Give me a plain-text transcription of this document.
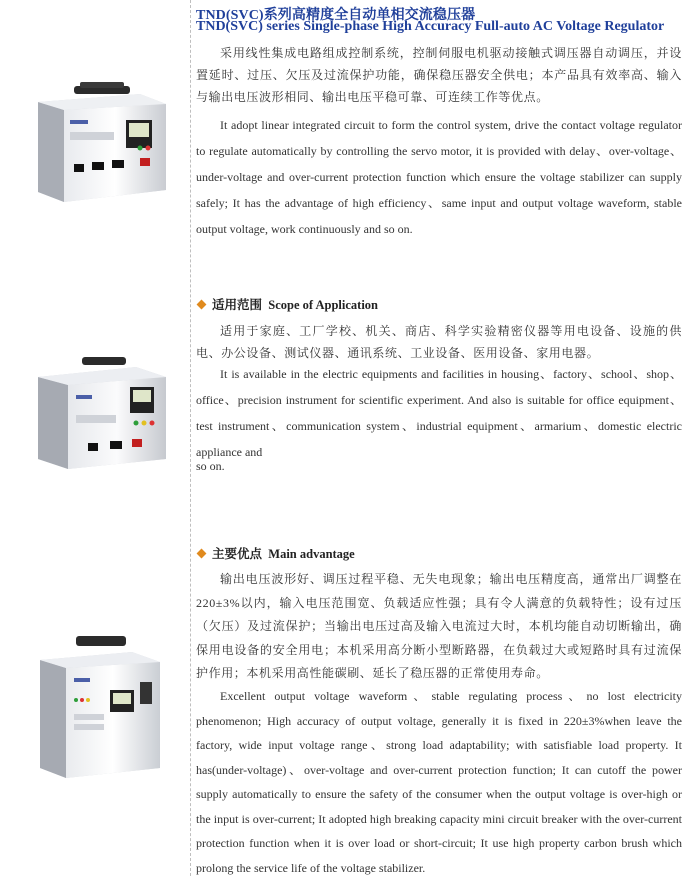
TND(SVC)系列高精度全自动单相交流稳压器
TND(SVC) series Single-phase High Accuracy Full-auto AC Voltage Regulator
采用线性集成电路组成控制系统，控制伺服电机驱动接触式调压器自动调压，并设置延时、过压、欠压及过流保护功能，确保稳压器安全供电；本产品具有效率高、输入与输出电压波形相同、输出电压平稳可靠、可连续工作等优点。
It adopt linear integrated circuit to form the control system, drive the contact voltage regulator to regulate automatically by controlling the servo motor, it is provided with delay、over-voltage、under-voltage and over-current protection function which ensure the voltage stabilizer can supply safely; It has the advantage of high efficiency、same input and output voltage waveform, stable output voltage, work continuously and so on.
适用范围 Scope of Application
适用于家庭、工厂学校、机关、商店、科学实验精密仪器等用电设备、设施的供电、办公设备、测试仪器、通讯系统、工业设备、医用设备、家用电器。
It is available in the electric equipments and facilities in housing、factory、school、shop、office、precision instrument for scientific experiment. And also is suitable for office equipment、test instrument、communication system、industrial equipment、armarium、domestic electric appliance and
so on.
主要优点 Main advantage
输出电压波形好、调压过程平稳、无失电现象；输出电压精度高，通常出厂调整在220±3%以内，输入电压范围宽、负载适应性强；具有令人满意的负载特性；设有过压（欠压）及过流保护；当输出电压过高及输入电流过大时，本机均能自动切断输出，确保用电设备的安全用电；本机采用高分断小型断路器，在负载过大或短路时具有过流保护作用；本机采用高性能碳刷、延长了稳压器的正常使用寿命。
Excellent output voltage waveform、stable regulating process、no lost electricity phenomenon; High accuracy of output voltage, generally it is fixed in 220±3%when leave the factory, wide input voltage range、strong load adaptability; with satisfiable load property. It has(under-voltage)、over-voltage and over-current protection function; It can cutoff the power supply automatically to ensure the safety of the consumer when the output voltage is over-high or the input is over-current; It adopted high breaking capacity mini circuit breaker with the over-current protection function when it is over load or short-circuit; It use high property carbon brush which prolong the service life of the voltage stabilizer.
